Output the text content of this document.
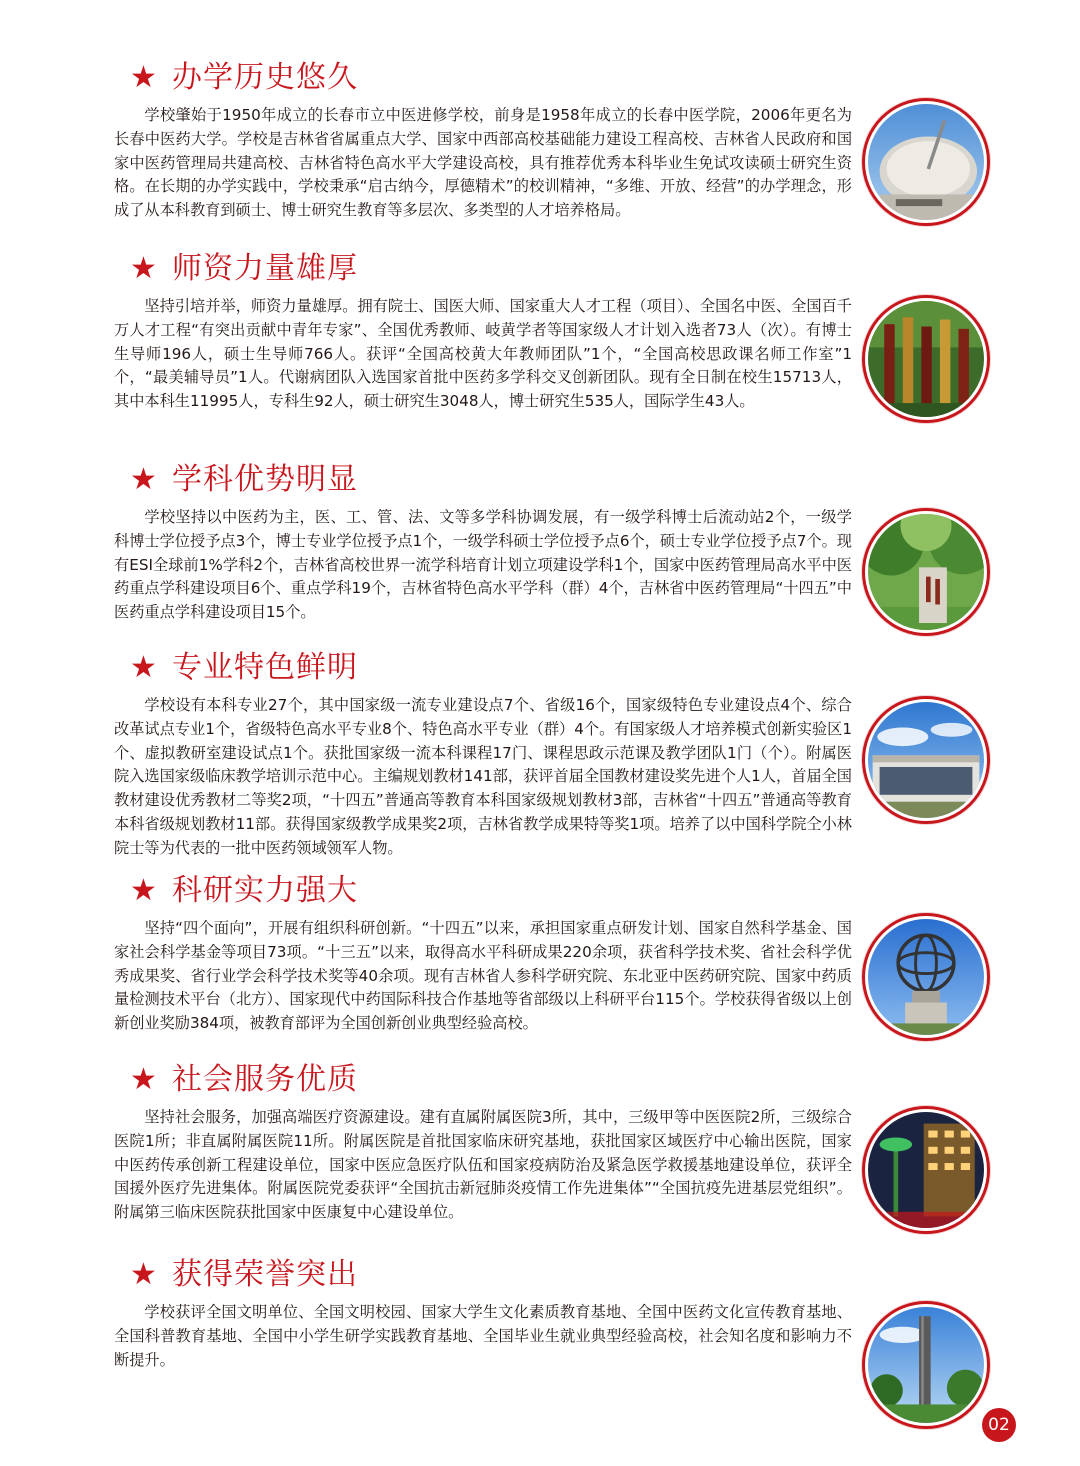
★ 办学历史悠久

学校肇始于1950年成立的长春市立中医进修学校，前身是1958年成立的长春中医学院，2006年更名为长春中医药大学。学校是吉林省省属重点大学、国家中西部高校基础能力建设工程高校、吉林省人民政府和国家中医药管理局共建高校、吉林省特色高水平大学建设高校，具有推荐优秀本科毕业生免试攻读硕士研究生资格。在长期的办学实践中，学校秉承“启古纳今，厚德精术”的校训精神，“多维、开放、经营”的办学理念，形成了从本科教育到硕士、博士研究生教育等多层次、多类型的人才培养格局。

★ 师资力量雄厚

坚持引培并举，师资力量雄厚。拥有院士、国医大师、国家重大人才工程（项目）、全国名中医、全国百千万人才工程“有突出贡献中青年专家”、全国优秀教师、岐黄学者等国家级人才计划入选者73人（次）。有博士生导师196人，硕士生导师766人。获评“全国高校黄大年教师团队”1个，“全国高校思政课名师工作室”1个，“最美辅导员”1人。代谢病团队入选国家首批中医药多学科交叉创新团队。现有全日制在校生15713人，其中本科生11995人，专科生92人，硕士研究生3048人，博士研究生535人，国际学生43人。

★ 学科优势明显

学校坚持以中医药为主，医、工、管、法、文等多学科协调发展，有一级学科博士后流动站2个，一级学科博士学位授予点3个，博士专业学位授予点1个，一级学科硕士学位授予点6个，硕士专业学位授予点7个。现有ESI全球前1%学科2个，吉林省高校世界一流学科培育计划立项建设学科1个，国家中医药管理局高水平中医药重点学科建设项目6个、重点学科19个，吉林省特色高水平学科（群）4个，吉林省中医药管理局“十四五”中医药重点学科建设项目15个。

★ 专业特色鲜明

学校设有本科专业27个，其中国家级一流专业建设点7个、省级16个，国家级特色专业建设点4个、综合改革试点专业1个，省级特色高水平专业8个、特色高水平专业（群）4个。有国家级人才培养模式创新实验区1个、虚拟教研室建设试点1个。获批国家级一流本科课程17门、课程思政示范课及教学团队1门（个）。附属医院入选国家级临床教学培训示范中心。主编规划教材141部，获评首届全国教材建设奖先进个人1人，首届全国教材建设优秀教材二等奖2项，“十四五”普通高等教育本科国家级规划教材3部，吉林省“十四五”普通高等教育本科省级规划教材11部。获得国家级教学成果奖2项，吉林省教学成果特等奖1项。培养了以中国科学院仝小林院士等为代表的一批中医药领域领军人物。

★ 科研实力强大

坚持“四个面向”，开展有组织科研创新。“十四五”以来，承担国家重点研发计划、国家自然科学基金、国家社会科学基金等项目73项。“十三五”以来，取得高水平科研成果220余项，获省科学技术奖、省社会科学优秀成果奖、省行业学会科学技术奖等40余项。现有吉林省人参科学研究院、东北亚中医药研究院、国家中药质量检测技术平台（北方）、国家现代中药国际科技合作基地等省部级以上科研平台115个。学校获得省级以上创新创业奖励384项，被教育部评为全国创新创业典型经验高校。

★ 社会服务优质

坚持社会服务，加强高端医疗资源建设。建有直属附属医院3所，其中，三级甲等中医医院2所，三级综合医院1所；非直属附属医院11所。附属医院是首批国家临床研究基地，获批国家区域医疗中心输出医院，国家中医药传承创新工程建设单位，国家中医应急医疗队伍和国家疫病防治及紧急医学救援基地建设单位，获评全国援外医疗先进集体。附属医院党委获评“全国抗击新冠肺炎疫情工作先进集体”“全国抗疫先进基层党组织”。附属第三临床医院获批国家中医康复中心建设单位。

★ 获得荣誉突出

学校获评全国文明单位、全国文明校园、国家大学生文化素质教育基地、全国中医药文化宣传教育基地、全国科普教育基地、全国中小学生研学实践教育基地、全国毕业生就业典型经验高校，社会知名度和影响力不断提升。

02
